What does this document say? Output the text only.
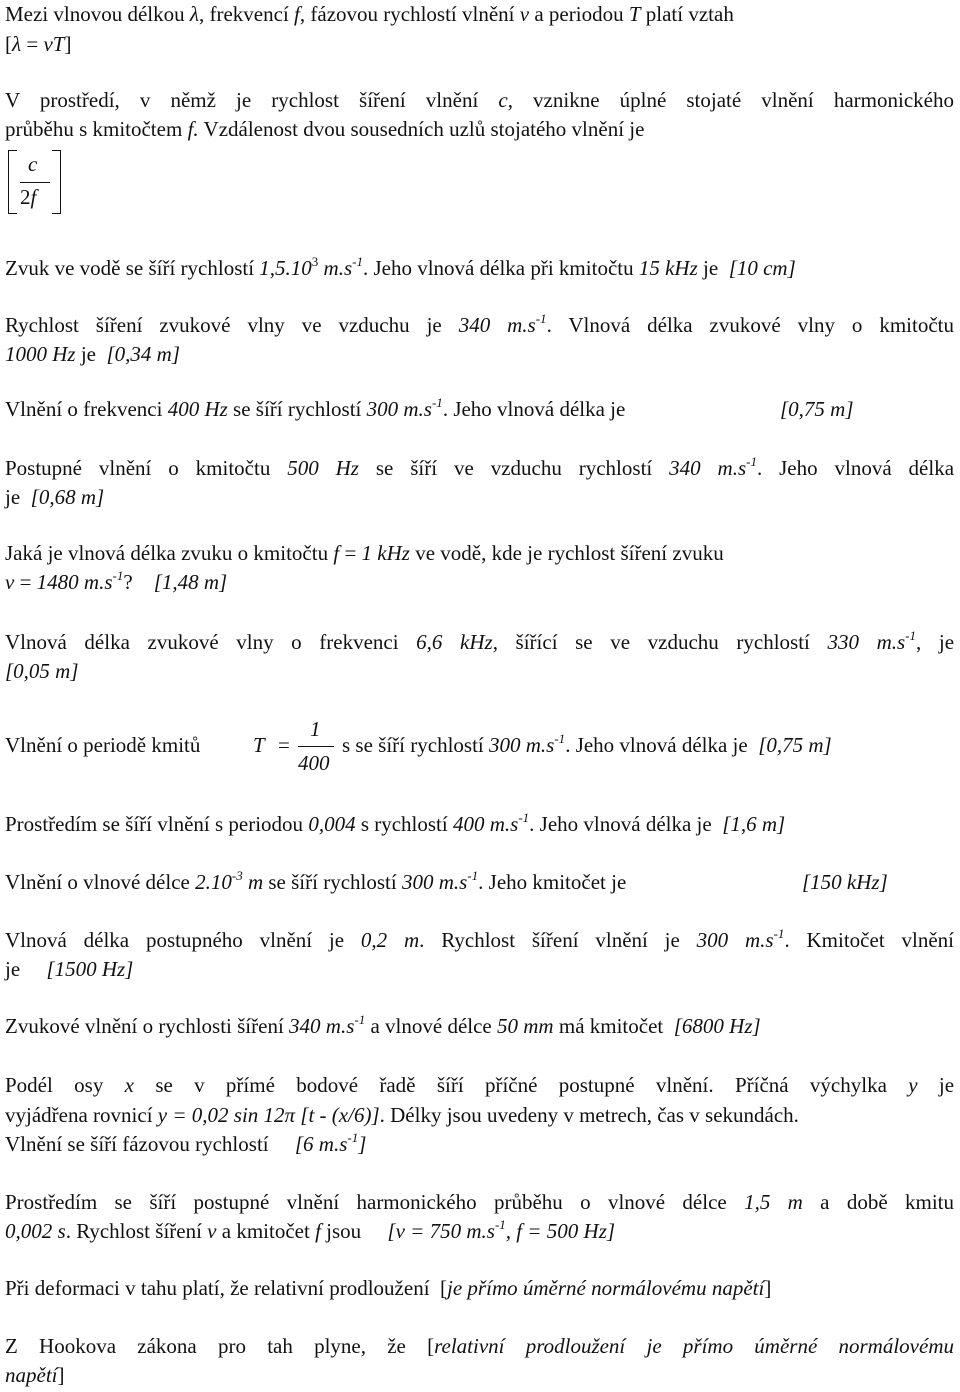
Mezi vlnovou délkou λ, frekvencí f, fázovou rychlostí vlnění v a periodou T platí vztah
[λ = vT]
V prostředí, v němž je rychlost šíření vlnění c, vznikne úplné stojaté vlnění harmonického
průběhu s kmitočtem f. Vzdálenost dvou sousedních uzlů stojatého vlnění je
c
2f
Zvuk ve vodě se šíří rychlostí 1,5.10$^3$ $m.s^{-1}$. Jeho vlnová délka při kmitočtu 15 kHz je [10 cm]
Rychlost šíření zvukové vlny ve vzduchu je 340 $m.s^{-1}$. Vlnová délka zvukové vlny o kmitočtu
1000 Hz je [0,34 m]
Vlnění o frekvenci 400 Hz se šíří rychlostí 300 $m.s^{-1}$. Jeho vlnová délka je	[0,75 m]
Postupné vlnění o kmitočtu 500 Hz se šíří ve vzduchu rychlostí 340 $m.s^{-1}$. Jeho vlnová délka
je [0,68 m]
Jaká je vlnová délka zvuku o kmitočtu f = 1 kHz ve vodě, kde je rychlost šíření zvuku
v = 1480 $m.s^{-1}$? [1,48 m]
Vlnová délka zvukové vlny o frekvenci 6,6 kHz, šířící se ve vzduchu rychlostí 330 $m.s^{-1}$, je
[0,05 m]
Vlnění o periodě kmitů	T =
1
400
s se šíří rychlostí 300 $m.s^{-1}$. Jeho vlnová délka je [0,75 m]
Prostředím se šíří vlnění s periodou 0,004 s rychlostí 400 $m.s^{-1}$. Jeho vlnová délka je [1,6 m]
Vlnění o vlnové délce $2.10^{-3}$ m se šíří rychlostí 300 $m.s^{-1}$. Jeho kmitočet je	[150 kHz]
Vlnová délka postupného vlnění je 0,2 m. Rychlost šíření vlnění je 300 $m.s^{-1}$. Kmitočet vlnění
je [1500 Hz]
Zvukové vlnění o rychlosti šíření 340 $m.s^{-1}$ a vlnové délce 50 mm má kmitočet [6800 Hz]
Podél osy x se v přímé bodové řadě šíří příčné postupné vlnění. Příčná výchylka y je
vyjádřena rovnicí y = 0,02 sin 12π [t - (x/6)]. Délky jsou uvedeny v metrech, čas v sekundách.
Vlnění se šíří fázovou rychlostí [6 $m.s^{-1}$]
Prostředím se šíří postupné vlnění harmonického průběhu o vlnové délce 1,5 m a době kmitu
0,002 s. Rychlost šíření v a kmitočet f jsou [v = 750 $m.s^{-1}$, f = 500 Hz]
Při deformaci v tahu platí, že relativní prodloužení [je přímo úměrné normálovému napětí]
Z Hookova zákona pro tah plyne, že [relativní prodloužení je přímo úměrné normálovému
napětí]
